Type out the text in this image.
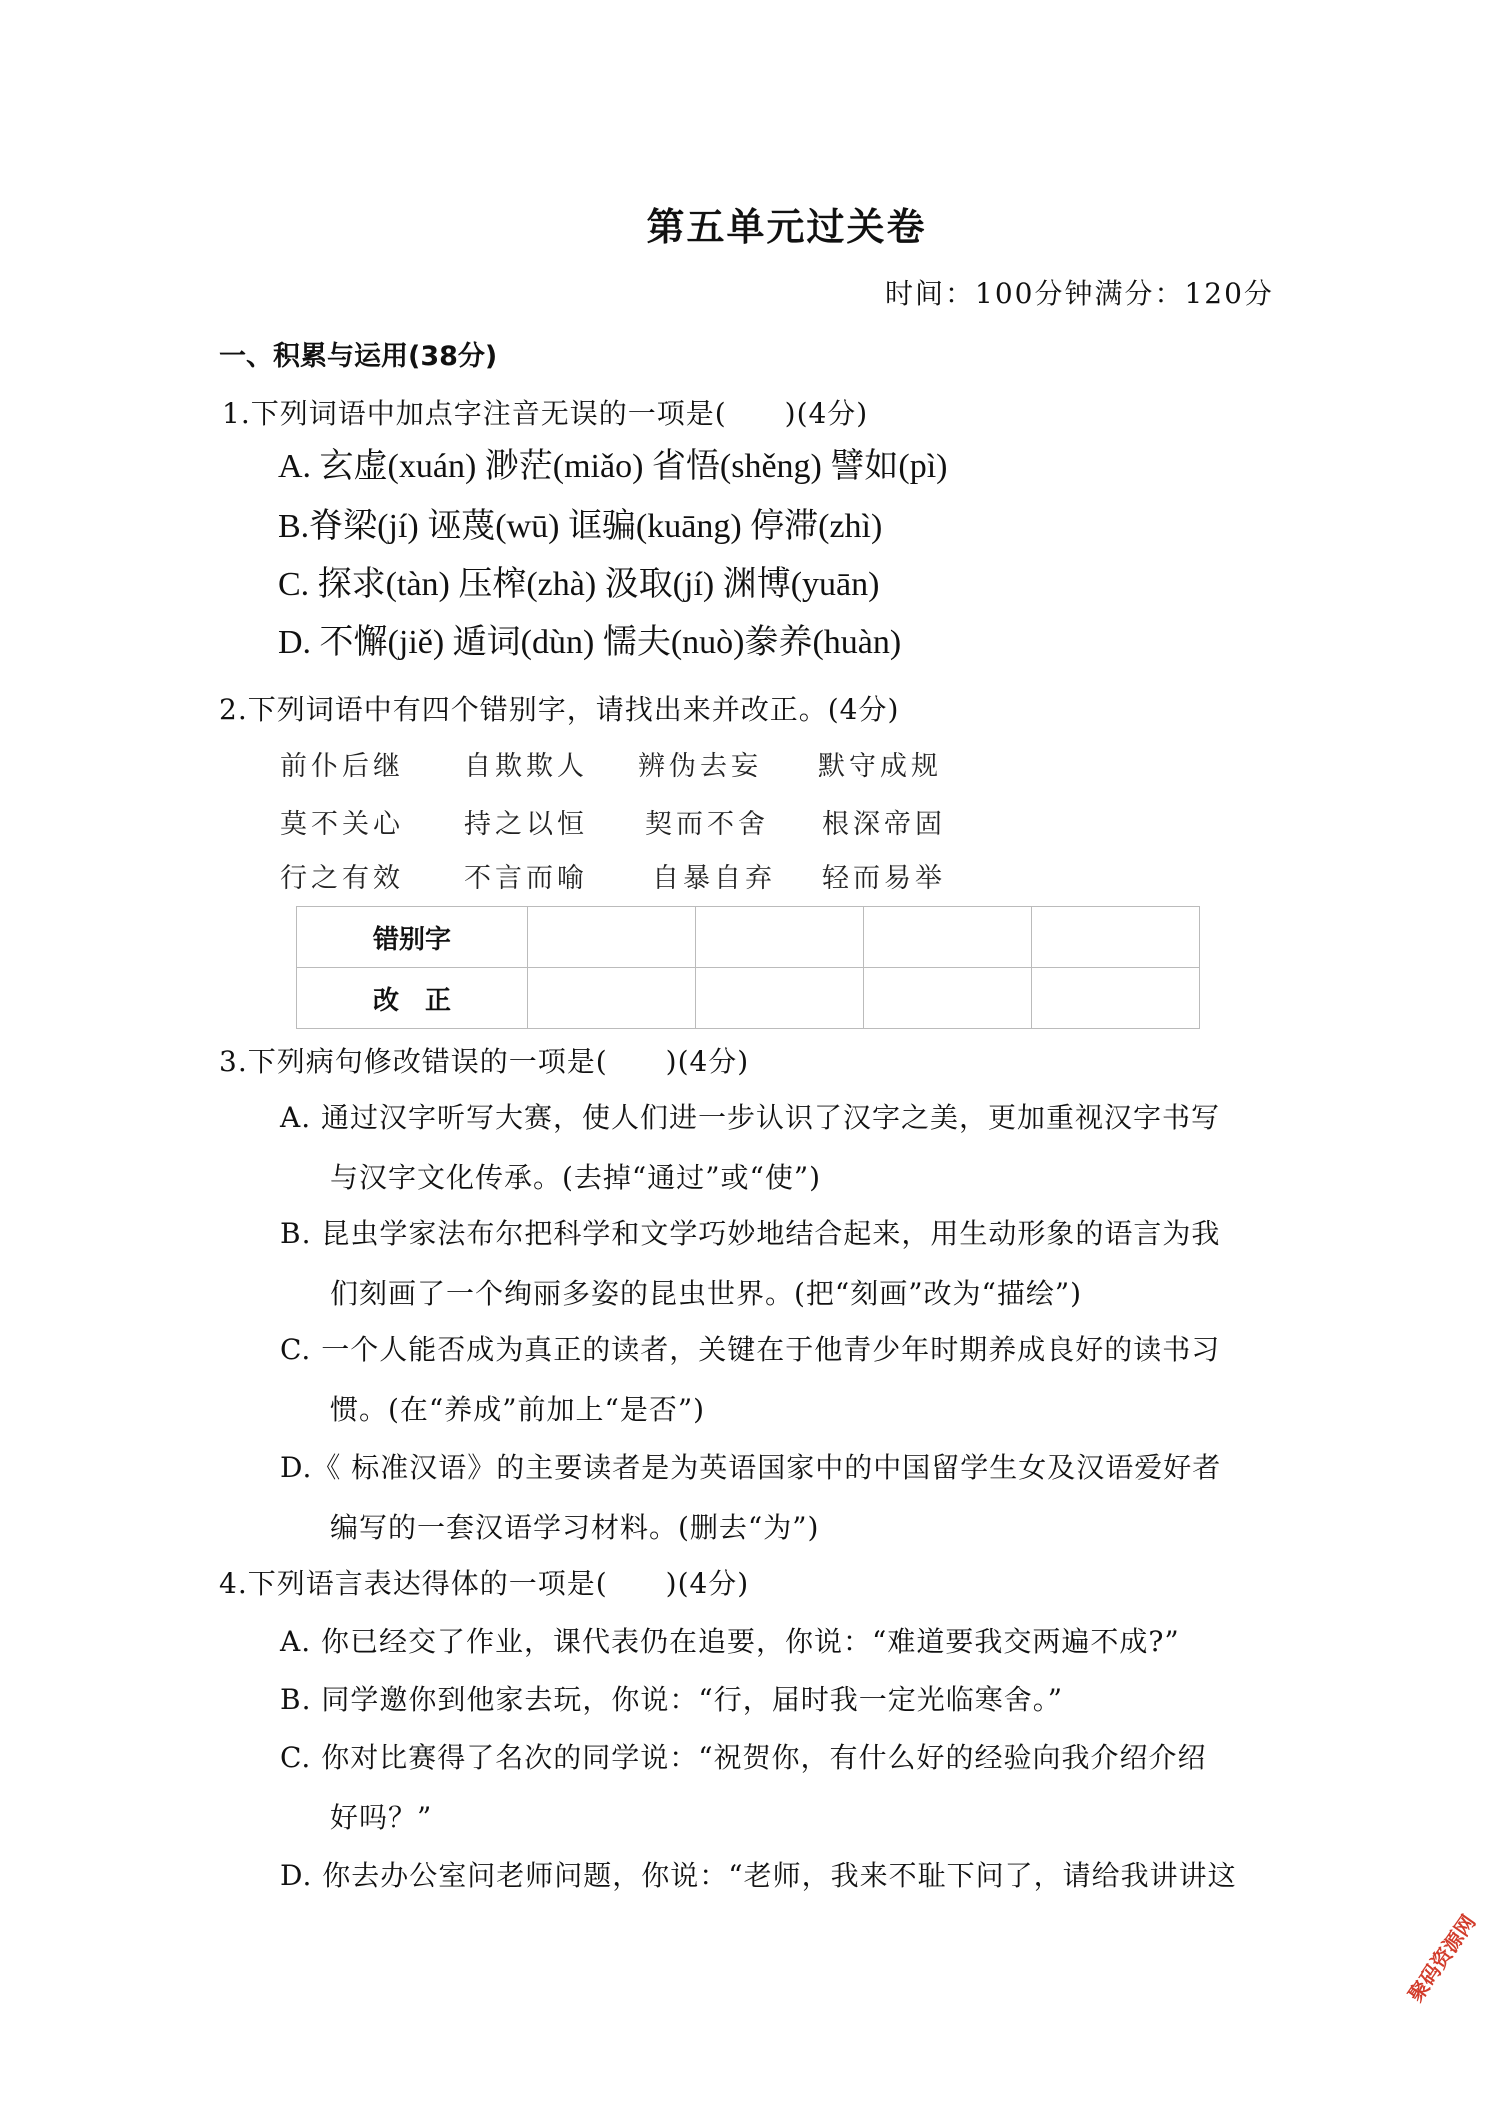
第五单元过关卷
时间：100分钟满分：120分
一、积累与运用(38分)
1.下列词语中加点字注音无误的一项是(　　)(4分)
A. 玄虚(xuán) 渺茫(miǎo) 省悟(shěng) 譬如(pì)
B.脊梁(jí) 诬蔑(wū) 诓骗(kuāng) 停滞(zhì)
C. 探求(tàn) 压榨(zhà) 汲取(jí) 渊博(yuān)
D. 不懈(jiě) 遁词(dùn) 懦夫(nuò)豢养(huàn)
2.下列词语中有四个错别字，请找出来并改正。(4分)
前仆后继 自欺欺人 辨伪去妄 默守成规
莫不关心 持之以恒 契而不舍 根深帝固
行之有效 不言而喻 自暴自弃 轻而易举
错别字				
改　正				
3.下列病句修改错误的一项是(　　)(4分)
A. 通过汉字听写大赛，使人们进一步认识了汉字之美，更加重视汉字书写
与汉字文化传承。(去掉“通过”或“使”)
B. 昆虫学家法布尔把科学和文学巧妙地结合起来，用生动形象的语言为我
们刻画了一个绚丽多姿的昆虫世界。(把“刻画”改为“描绘”)
C. 一个人能否成为真正的读者，关键在于他青少年时期养成良好的读书习
惯。(在“养成”前加上“是否”)
D.《 标准汉语》的主要读者是为英语国家中的中国留学生女及汉语爱好者
编写的一套汉语学习材料。(删去“为”)
4.下列语言表达得体的一项是(　　)(4分)
A. 你已经交了作业，课代表仍在追要，你说：“难道要我交两遍不成?”
B. 同学邀你到他家去玩，你说：“行，届时我一定光临寒舍。”
C. 你对比赛得了名次的同学说：“祝贺你，有什么好的经验向我介绍介绍
好吗？”
D. 你去办公室问老师问题，你说：“老师，我来不耻下问了，请给我讲讲这
聚码资源网
